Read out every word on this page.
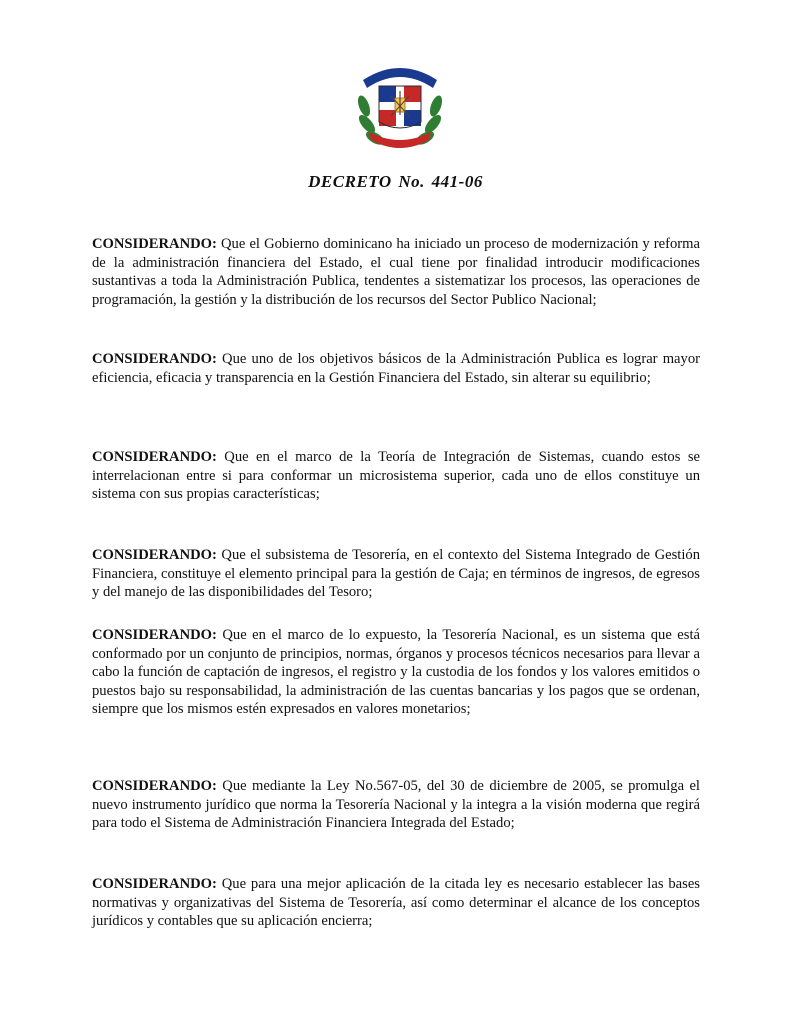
DECRETO No. 441-06

CONSIDERANDO: Que el Gobierno dominicano ha iniciado un proceso de modernización y reforma de la administración financiera del Estado, el cual tiene por finalidad introducir modificaciones sustantivas a toda la Administración Publica, tendentes a sistematizar los procesos, las operaciones de programación, la gestión y la distribución de los recursos del Sector Publico Nacional;

CONSIDERANDO: Que uno de los objetivos básicos de la Administración Publica es lograr mayor eficiencia, eficacia y transparencia en la Gestión Financiera del Estado, sin alterar su equilibrio;

CONSIDERANDO: Que en el marco de la Teoría de Integración de Sistemas, cuando estos se interrelacionan entre si para conformar un microsistema superior, cada uno de ellos constituye un sistema con sus propias características;

CONSIDERANDO: Que el subsistema de Tesorería, en el contexto del Sistema Integrado de Gestión Financiera, constituye el elemento principal para la gestión de Caja; en términos de ingresos, de egresos y del manejo de las disponibilidades del Tesoro;

CONSIDERANDO: Que en el marco de lo expuesto, la Tesorería Nacional, es un sistema que está conformado por un conjunto de principios, normas, órganos y procesos técnicos necesarios para llevar a cabo la función de captación de ingresos, el registro y la custodia de los fondos y los valores emitidos o puestos bajo su responsabilidad, la administración de las cuentas bancarias y los pagos que se ordenan, siempre que los mismos estén expresados en valores monetarios;

CONSIDERANDO: Que mediante la Ley No.567-05, del 30 de diciembre de 2005, se promulga el nuevo instrumento jurídico que norma la Tesorería Nacional y la integra a la visión moderna que regirá para todo el Sistema de Administración Financiera Integrada del Estado;

CONSIDERANDO: Que para una mejor aplicación de la citada ley es necesario establecer las bases normativas y organizativas del Sistema de Tesorería, así como determinar el alcance de los conceptos jurídicos y contables que su aplicación encierra;
